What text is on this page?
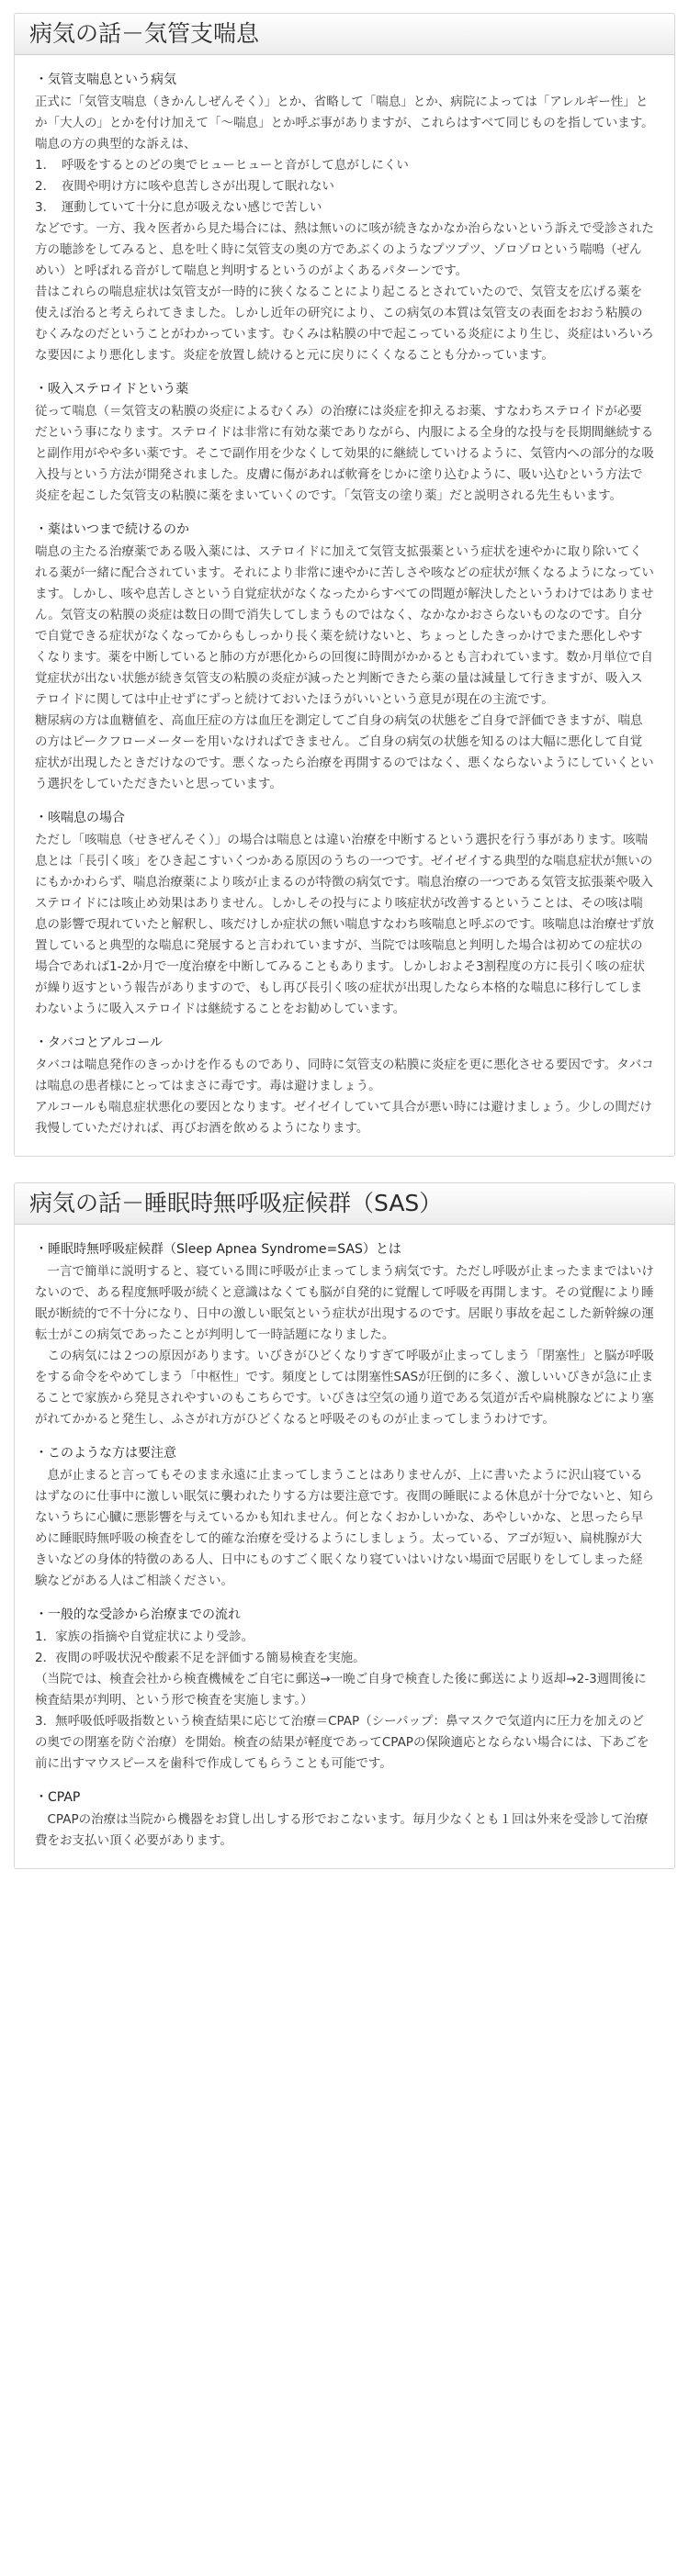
病気の話－気管支喘息
・気管支喘息という病気

正式に「気管支喘息（きかんしぜんそく）」とか、省略して「喘息」とか、病院によっては「アレルギー性」とか「大人の」とかを付け加えて「〜喘息」とか呼ぶ事がありますが、これらはすべて同じものを指しています。喘息の方の典型的な訴えは、

1．　呼吸をするとのどの奥でヒューヒューと音がして息がしにくい

2．　夜間や明け方に咳や息苦しさが出現して眠れない

3．　運動していて十分に息が吸えない感じで苦しい

などです。一方、我々医者から見た場合には、熱は無いのに咳が続きなかなか治らないという訴えで受診された方の聴診をしてみると、息を吐く時に気管支の奥の方であぶくのようなプツプツ、ゾロゾロという喘鳴（ぜんめい）と呼ばれる音がして喘息と判明するというのがよくあるパターンです。

昔はこれらの喘息症状は気管支が一時的に狭くなることにより起こるとされていたので、気管支を広げる薬を使えば治ると考えられてきました。しかし近年の研究により、この病気の本質は気管支の表面をおおう粘膜のむくみなのだということがわかっています。むくみは粘膜の中で起こっている炎症により生じ、炎症はいろいろな要因により悪化します。炎症を放置し続けると元に戻りにくくなることも分かっています。

・吸入ステロイドという薬

従って喘息（＝気管支の粘膜の炎症によるむくみ）の治療には炎症を抑えるお薬、すなわちステロイドが必要だという事になります。ステロイドは非常に有効な薬でありながら、内服による全身的な投与を長期間継続すると副作用がやや多い薬です。そこで副作用を少なくして効果的に継続していけるように、気管内への部分的な吸入投与という方法が開発されました。皮膚に傷があれば軟膏をじかに塗り込むように、吸い込むという方法で炎症を起こした気管支の粘膜に薬をまいていくのです。「気管支の塗り薬」だと説明される先生もいます。

・薬はいつまで続けるのか

喘息の主たる治療薬である吸入薬には、ステロイドに加えて気管支拡張薬という症状を速やかに取り除いてくれる薬が一緒に配合されています。それにより非常に速やかに苦しさや咳などの症状が無くなるようになっています。しかし、咳や息苦しさという自覚症状がなくなったからすべての問題が解決したというわけではありません。気管支の粘膜の炎症は数日の間で消失してしまうものではなく、なかなかおさらないものなのです。自分で自覚できる症状がなくなってからもしっかり長く薬を続けないと、ちょっとしたきっかけでまた悪化しやすくなります。薬を中断していると肺の方が悪化からの回復に時間がかかるとも言われています。数か月単位で自覚症状が出ない状態が続き気管支の粘膜の炎症が減ったと判断できたら薬の量は減量して行きますが、吸入ステロイドに関しては中止せずにずっと続けておいたほうがいいという意見が現在の主流です。

糖尿病の方は血糖値を、高血圧症の方は血圧を測定してご自身の病気の状態をご自身で評価できますが、喘息の方はピークフローメーターを用いなければできません。ご自身の病気の状態を知るのは大幅に悪化して自覚症状が出現したときだけなのです。悪くなったら治療を再開するのではなく、悪くならないようにしていくという選択をしていただきたいと思っています。

・咳喘息の場合

ただし「咳喘息（せきぜんそく）」の場合は喘息とは違い治療を中断するという選択を行う事があります。咳喘息とは「長引く咳」をひき起こすいくつかある原因のうちの一つです。ゼイゼイする典型的な喘息症状が無いのにもかかわらず、喘息治療薬により咳が止まるのが特徴の病気です。喘息治療の一つである気管支拡張薬や吸入ステロイドには咳止め効果はありません。しかしその投与により咳症状が改善するということは、その咳は喘息の影響で現れていたと解釈し、咳だけしか症状の無い喘息すなわち咳喘息と呼ぶのです。咳喘息は治療せず放置していると典型的な喘息に発展すると言われていますが、当院では咳喘息と判明した場合は初めての症状の場合であれば1-2か月で一度治療を中断してみることもあります。しかしおよそ3割程度の方に長引く咳の症状が繰り返すという報告がありますので、もし再び長引く咳の症状が出現したなら本格的な喘息に移行してしまわないように吸入ステロイドは継続することをお勧めしています。

・タバコとアルコール

タバコは喘息発作のきっかけを作るものであり、同時に気管支の粘膜に炎症を更に悪化させる要因です。タバコは喘息の患者様にとってはまさに毒です。毒は避けましょう。

アルコールも喘息症状悪化の要因となります。ゼイゼイしていて具合が悪い時には避けましょう。少しの間だけ我慢していただければ、再びお酒を飲めるようになります。

病気の話－睡眠時無呼吸症候群（SAS）
・睡眠時無呼吸症候群（Sleep Apnea Syndrome=SAS）とは

一言で簡単に説明すると、寝ている間に呼吸が止まってしまう病気です。ただし呼吸が止まったままではいけないので、ある程度無呼吸が続くと意識はなくても脳が自発的に覚醒して呼吸を再開します。その覚醒により睡眠が断続的で不十分になり、日中の激しい眠気という症状が出現するのです。居眠り事故を起こした新幹線の運転士がこの病気であったことが判明して一時話題になりました。

この病気には２つの原因があります。いびきがひどくなりすぎて呼吸が止まってしまう「閉塞性」と脳が呼吸をする命令をやめてしまう「中枢性」です。頻度としては閉塞性SASが圧倒的に多く、激しいいびきが急に止まることで家族から発見されやすいのもこちらです。いびきは空気の通り道である気道が舌や扁桃腺などにより塞がれてかかると発生し、ふさがれ方がひどくなると呼吸そのものが止まってしまうわけです。

・このような方は要注意

息が止まると言ってもそのまま永遠に止まってしまうことはありませんが、上に書いたように沢山寝ているはずなのに仕事中に激しい眠気に襲われたりする方は要注意です。夜間の睡眠による休息が十分でないと、知らないうちに心臓に悪影響を与えているかも知れません。何となくおかしいかな、あやしいかな、と思ったら早めに睡眠時無呼吸の検査をして的確な治療を受けるようにしましょう。太っている、アゴが短い、扁桃腺が大きいなどの身体的特徴のある人、日中にものすごく眠くなり寝ていはいけない場面で居眠りをしてしまった経験などがある人はご相談ください。

・一般的な受診から治療までの流れ

1．家族の指摘や自覚症状により受診。

2．夜間の呼吸状況や酸素不足を評価する簡易検査を実施。

（当院では、検査会社から検査機械をご自宅に郵送→一晩ご自身で検査した後に郵送により返却→2-3週間後に検査結果が判明、という形で検査を実施します。）

3．無呼吸低呼吸指数という検査結果に応じて治療＝CPAP（シーパップ：鼻マスクで気道内に圧力を加えのどの奥での閉塞を防ぐ治療）を開始。検査の結果が軽度であってCPAPの保険適応とならない場合には、下あごを前に出すマウスピースを歯科で作成してもらうことも可能です。

・CPAP

CPAPの治療は当院から機器をお貸し出しする形でおこないます。毎月少なくとも１回は外来を受診して治療費をお支払い頂く必要があります。
